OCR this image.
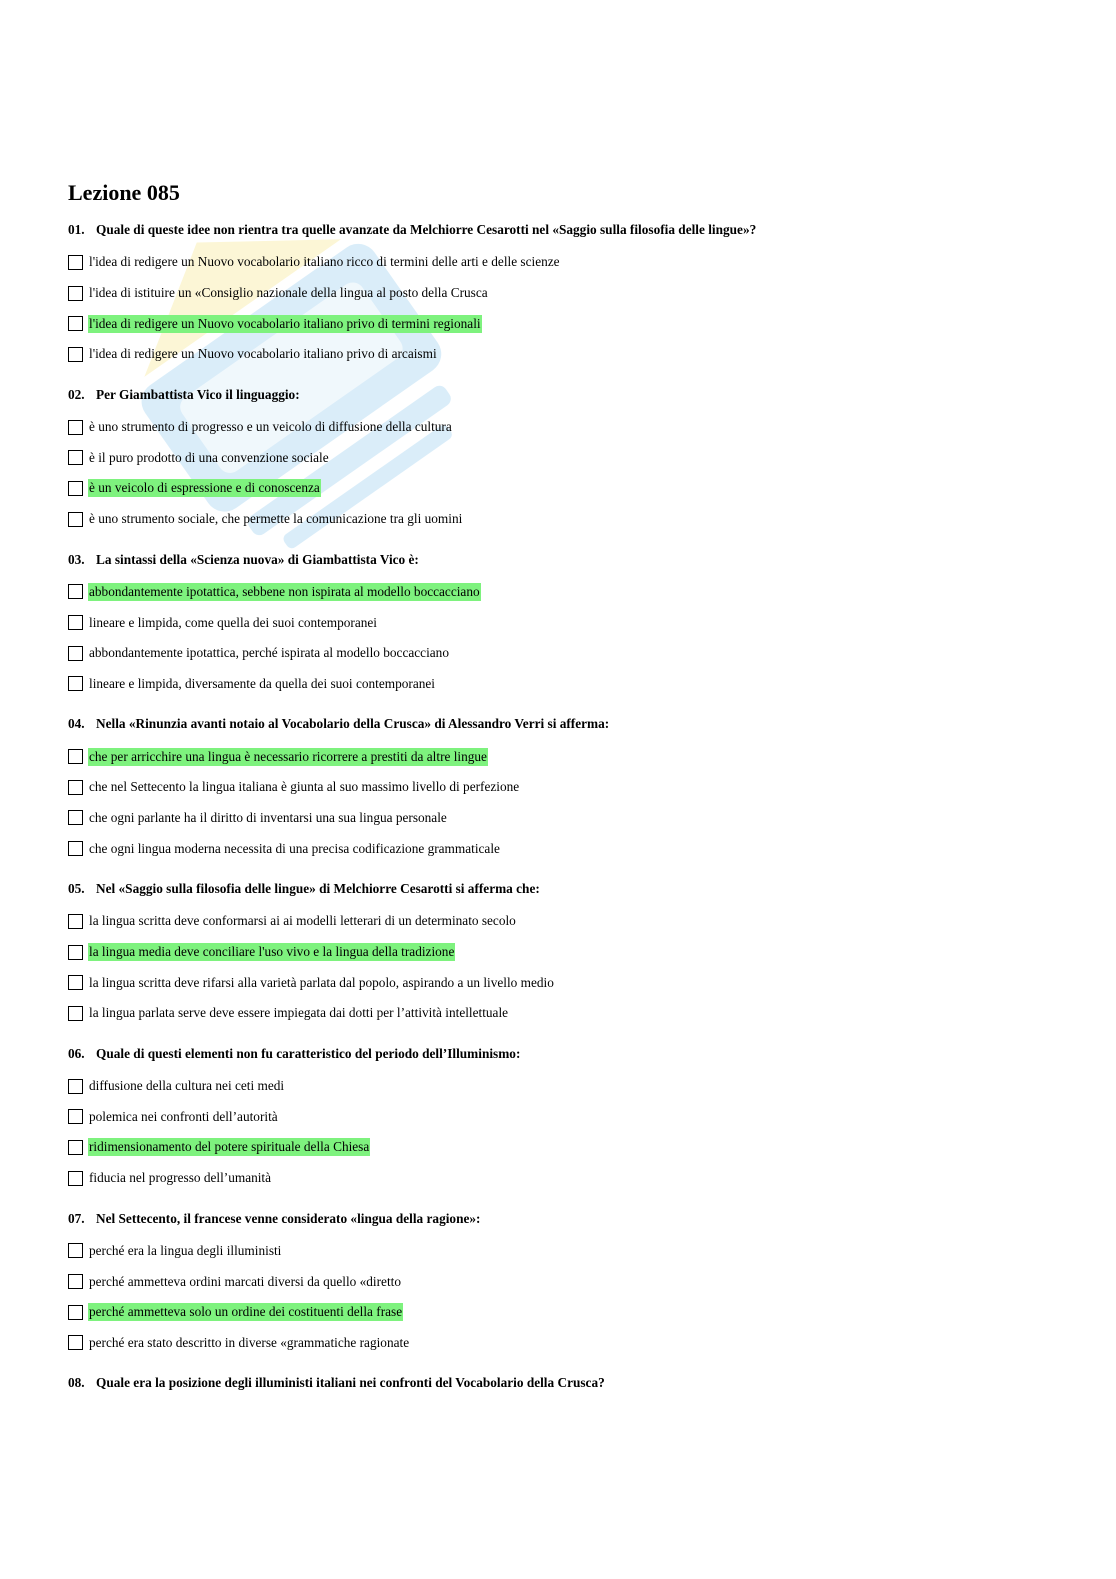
Lezione 085
01. Quale di queste idee non rientra tra quelle avanzate da Melchiorre Cesarotti nel «Saggio sulla filosofia delle lingue»?
l'idea di redigere un Nuovo vocabolario italiano ricco di termini delle arti e delle scienze
l'idea di istituire un «Consiglio nazionale della lingua al posto della Crusca
l'idea di redigere un Nuovo vocabolario italiano privo di termini regionali
l'idea di redigere un Nuovo vocabolario italiano privo di arcaismi
02. Per Giambattista Vico il linguaggio:
è uno strumento di progresso e un veicolo di diffusione della cultura
è il puro prodotto di una convenzione sociale
è un veicolo di espressione e di conoscenza
è uno strumento sociale, che permette la comunicazione tra gli uomini
03. La sintassi della «Scienza nuova» di Giambattista Vico è:
abbondantemente ipotattica, sebbene non ispirata al modello boccacciano
lineare e limpida, come quella dei suoi contemporanei
abbondantemente ipotattica, perché ispirata al modello boccacciano
lineare e limpida, diversamente da quella dei suoi contemporanei
04. Nella «Rinunzia avanti notaio al Vocabolario della Crusca» di Alessandro Verri si afferma:
che per arricchire una lingua è necessario ricorrere a prestiti da altre lingue
che nel Settecento la lingua italiana è giunta al suo massimo livello di perfezione
che ogni parlante ha il diritto di inventarsi una sua lingua personale
che ogni lingua moderna necessita di una precisa codificazione grammaticale
05. Nel «Saggio sulla filosofia delle lingue» di Melchiorre Cesarotti si afferma che:
la lingua scritta deve conformarsi ai ai modelli letterari di un determinato secolo
la lingua media deve conciliare l'uso vivo e la lingua della tradizione
la lingua scritta deve rifarsi alla varietà parlata dal popolo, aspirando a un livello medio
la lingua parlata serve deve essere impiegata dai dotti per l’attività intellettuale
06. Quale di questi elementi non fu caratteristico del periodo dell’Illuminismo:
diffusione della cultura nei ceti medi
polemica nei confronti dell’autorità
ridimensionamento del potere spirituale della Chiesa
fiducia nel progresso dell’umanità
07. Nel Settecento, il francese venne considerato «lingua della ragione»:
perché era la lingua degli illuministi
perché ammetteva ordini marcati diversi da quello «diretto
perché ammetteva solo un ordine dei costituenti della frase
perché era stato descritto in diverse «grammatiche ragionate
08. Quale era la posizione degli illuministi italiani nei confronti del Vocabolario della Crusca?
